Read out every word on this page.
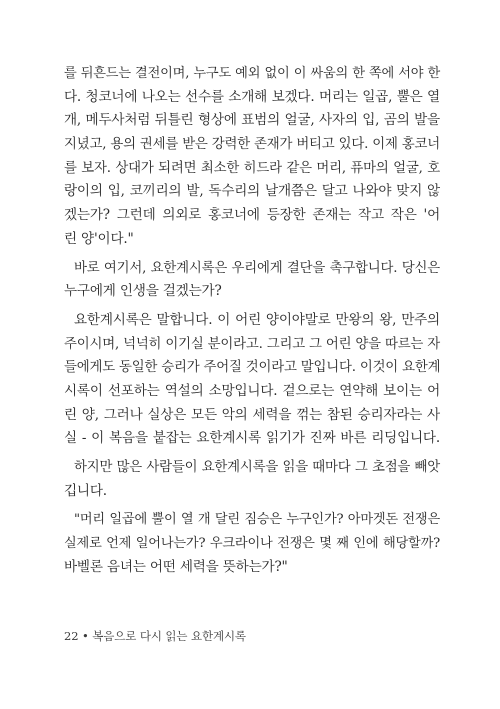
를 뒤흔드는 결전이며, 누구도 예외 없이 이 싸움의 한 쪽에 서야 한
다. 청코너에 나오는 선수를 소개해 보겠다. 머리는 일곱, 뿔은 열
개, 메두사처럼 뒤틀린 형상에 표범의 얼굴, 사자의 입, 곰의 발을
지녔고, 용의 권세를 받은 강력한 존재가 버티고 있다. 이제 홍코너
를 보자. 상대가 되려면 최소한 히드라 같은 머리, 퓨마의 얼굴, 호
랑이의 입, 코끼리의 발, 독수리의 날개쯤은 달고 나와야 맞지 않
겠는가? 그런데 의외로 홍코너에 등장한 존재는 작고 작은 '어
린 양'이다."
바로 여기서, 요한계시록은 우리에게 결단을 촉구합니다. 당신은
누구에게 인생을 걸겠는가?
요한계시록은 말합니다. 이 어린 양이야말로 만왕의 왕, 만주의
주이시며, 넉넉히 이기실 분이라고. 그리고 그 어린 양을 따르는 자
들에게도 동일한 승리가 주어질 것이라고 말입니다. 이것이 요한계
시록이 선포하는 역설의 소망입니다. 겉으로는 연약해 보이는 어
린 양, 그러나 실상은 모든 악의 세력을 꺾는 참된 승리자라는 사
실 - 이 복음을 붙잡는 요한계시록 읽기가 진짜 바른 리딩입니다.
하지만 많은 사람들이 요한계시록을 읽을 때마다 그 초점을 빼앗
깁니다.
"머리 일곱에 뿔이 열 개 달린 짐승은 누구인가? 아마겟돈 전쟁은
실제로 언제 일어나는가? 우크라이나 전쟁은 몇 째 인에 해당할까?
바벨론 음녀는 어떤 세력을 뜻하는가?"
22 • 복음으로 다시 읽는 요한계시록
